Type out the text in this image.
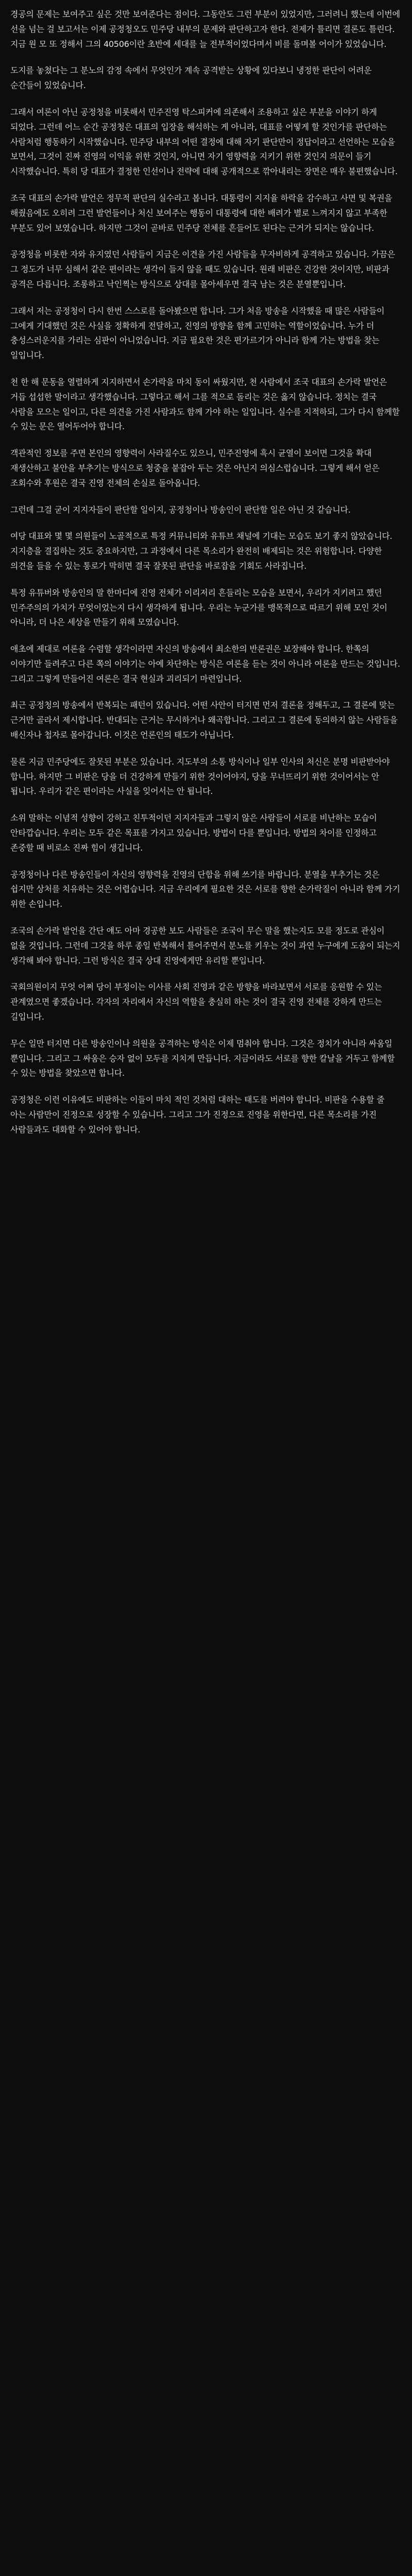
경공의 문제는 보여주고 싶은 것만 보여준다는 점이다. 그동안도 그런 부분이 있었지만, 그러려니 했는데 이번에 선을 넘는 걸 보고서는 이제 공정청오도 민주당 내부의 문제와 판단하고자 한다. 전제가 틀리면 결론도 틀린다. 지금 원 모 또 정해서 그의 40506이란 초반에 세대를 늘 전부적이었다며서 비를 돌며볼 어이가 있었습니다.

도지를 놓쳤다는 그 분노의 감정 속에서 무엇인가 계속 공격받는 상황에 있다보니 냉정한 판단이 어려운 순간들이 있었습니다.

그래서 여론이 아닌 공정청을 비롯해서 민주진영 탁스피커에 의존해서 조용하고 싶은 부분을 이야기 하게 되었다. 그런데 어느 순간 공정청은 대표의 입장을 해석하는 게 아니라, 대표를 어떻게 할 것인가를 판단하는 사람처럼 행동하기 시작했습니다. 민주당 내부의 어떤 결정에 대해 자기 판단만이 정답이라고 선언하는 모습을 보면서, 그것이 진짜 진영의 이익을 위한 것인지, 아니면 자기 영향력을 지키기 위한 것인지 의문이 들기 시작했습니다. 특히 당 대표가 결정한 인선이나 전략에 대해 공개적으로 깎아내리는 장면은 매우 불편했습니다.

조국 대표의 손가락 발언은 정무적 판단의 실수라고 봅니다. 대통령이 지지율 하락을 감수하고 사면 및 복권을 해줬음에도 오히려 그런 발언들이나 처신 보여주는 행동이 대통령에 대한 배려가 별로 느껴지지 않고 부족한 부분도 있어 보였습니다. 하지만 그것이 곧바로 민주당 전체를 흔들어도 된다는 근거가 되지는 않습니다.

공정청을 비롯한 자와 유지였던 사람들이 지금은 이견을 가진 사람들을 무자비하게 공격하고 있습니다. 가끔은 그 정도가 너무 심해서 같은 편이라는 생각이 들지 않을 때도 있습니다. 원래 비판은 건강한 것이지만, 비판과 공격은 다릅니다. 조롱하고 낙인찍는 방식으로 상대를 몰아세우면 결국 남는 것은 분열뿐입니다.

그래서 저는 공정청이 다시 한번 스스로를 돌아봤으면 합니다. 그가 처음 방송을 시작했을 때 많은 사람들이 그에게 기대했던 것은 사실을 정확하게 전달하고, 진영의 방향을 함께 고민하는 역할이었습니다. 누가 더 충성스러운지를 가리는 심판이 아니었습니다. 지금 필요한 것은 편가르기가 아니라 함께 가는 방법을 찾는 일입니다.

천 한 해 문동을 열렬하게 지지하면서 손가락을 마치 동이 싸웠지만, 천 사람에서 조국 대표의 손가락 발언은 거듭 섭섭한 말이라고 생각했습니다. 그렇다고 해서 그를 적으로 돌리는 것은 옳지 않습니다. 정치는 결국 사람을 모으는 일이고, 다른 의견을 가진 사람과도 함께 가야 하는 일입니다. 실수를 지적하되, 그가 다시 함께할 수 있는 문은 열어두어야 합니다.

객관적인 정보를 주면 본인의 영향력이 사라질수도 있으니, 민주진영에 흑시 균열이 보이면 그것을 확대 재생산하고 불안을 부추기는 방식으로 청중을 붙잡아 두는 것은 아닌지 의심스럽습니다. 그렇게 해서 얻은 조회수와 후원은 결국 진영 전체의 손실로 돌아옵니다.

그런데 그걸 굳이 지지자들이 판단할 일이지, 공정청이나 방송인이 판단할 일은 아닌 것 같습니다.

여당 대표와 몇 몇 의원들이 노골적으로 특정 커뮤니티와 유튜브 채널에 기대는 모습도 보기 좋지 않았습니다. 지지층을 결집하는 것도 중요하지만, 그 과정에서 다른 목소리가 완전히 배제되는 것은 위험합니다. 다양한 의견을 들을 수 있는 통로가 막히면 결국 잘못된 판단을 바로잡을 기회도 사라집니다.

특정 유튜버와 방송인의 말 한마디에 진영 전체가 이리저리 흔들리는 모습을 보면서, 우리가 지키려고 했던 민주주의의 가치가 무엇이었는지 다시 생각하게 됩니다. 우리는 누군가를 맹목적으로 따르기 위해 모인 것이 아니라, 더 나은 세상을 만들기 위해 모였습니다.

애초에 제대로 여론을 수렴할 생각이라면 자신의 방송에서 최소한의 반론권은 보장해야 합니다. 한쪽의 이야기만 들려주고 다른 쪽의 이야기는 아예 차단하는 방식은 여론을 듣는 것이 아니라 여론을 만드는 것입니다. 그리고 그렇게 만들어진 여론은 결국 현실과 괴리되기 마련입니다.

최근 공정청의 방송에서 반복되는 패턴이 있습니다. 어떤 사안이 터지면 먼저 결론을 정해두고, 그 결론에 맞는 근거만 골라서 제시합니다. 반대되는 근거는 무시하거나 왜곡합니다. 그리고 그 결론에 동의하지 않는 사람들을 배신자나 첩자로 몰아갑니다. 이것은 언론인의 태도가 아닙니다.

물론 지금 민주당에도 잘못된 부분은 있습니다. 지도부의 소통 방식이나 일부 인사의 처신은 분명 비판받아야 합니다. 하지만 그 비판은 당을 더 건강하게 만들기 위한 것이어야지, 당을 무너뜨리기 위한 것이어서는 안 됩니다. 우리가 같은 편이라는 사실을 잊어서는 안 됩니다.

소위 말하는 이념적 성향이 강하고 친투적이던 지지자들과 그렇지 않은 사람들이 서로를 비난하는 모습이 안타깝습니다. 우리는 모두 같은 목표를 가지고 있습니다. 방법이 다를 뿐입니다. 방법의 차이를 인정하고 존중할 때 비로소 진짜 힘이 생깁니다.

공정청이나 다른 방송인들이 자신의 영향력을 진영의 단합을 위해 쓰기를 바랍니다. 분열을 부추기는 것은 쉽지만 상처를 치유하는 것은 어렵습니다. 지금 우리에게 필요한 것은 서로를 향한 손가락질이 아니라 함께 가기 위한 손입니다.

조국의 손가락 발언을 간단 얘도 아마 경공한 보도 사람들은 조국이 무슨 말을 했는지도 모를 정도로 관심이 없을 것입니다. 그런데 그것을 하루 종일 반복해서 틀어주면서 분노를 키우는 것이 과연 누구에게 도움이 되는지 생각해 봐야 합니다. 그런 방식은 결국 상대 진영에게만 유리할 뿐입니다.

국회의원이지 무엇 어쩌 당이 부정이는 이사를 사회 진영과 같은 방향을 바라보면서 서로를 응원할 수 있는 관계였으면 좋겠습니다. 각자의 자리에서 자신의 역할을 충실히 하는 것이 결국 진영 전체를 강하게 만드는 길입니다.

무슨 일만 터지면 다른 방송인이나 의원을 공격하는 방식은 이제 멈춰야 합니다. 그것은 정치가 아니라 싸움일 뿐입니다. 그리고 그 싸움은 승자 없이 모두를 지치게 만듭니다. 지금이라도 서로를 향한 칼날을 거두고 함께할 수 있는 방법을 찾았으면 합니다.

공정청은 이런 이유에도 비판하는 이들이 마치 적인 것처럼 대하는 태도를 버려야 합니다. 비판을 수용할 줄 아는 사람만이 진정으로 성장할 수 있습니다. 그리고 그가 진정으로 진영을 위한다면, 다른 목소리를 가진 사람들과도 대화할 수 있어야 합니다.
